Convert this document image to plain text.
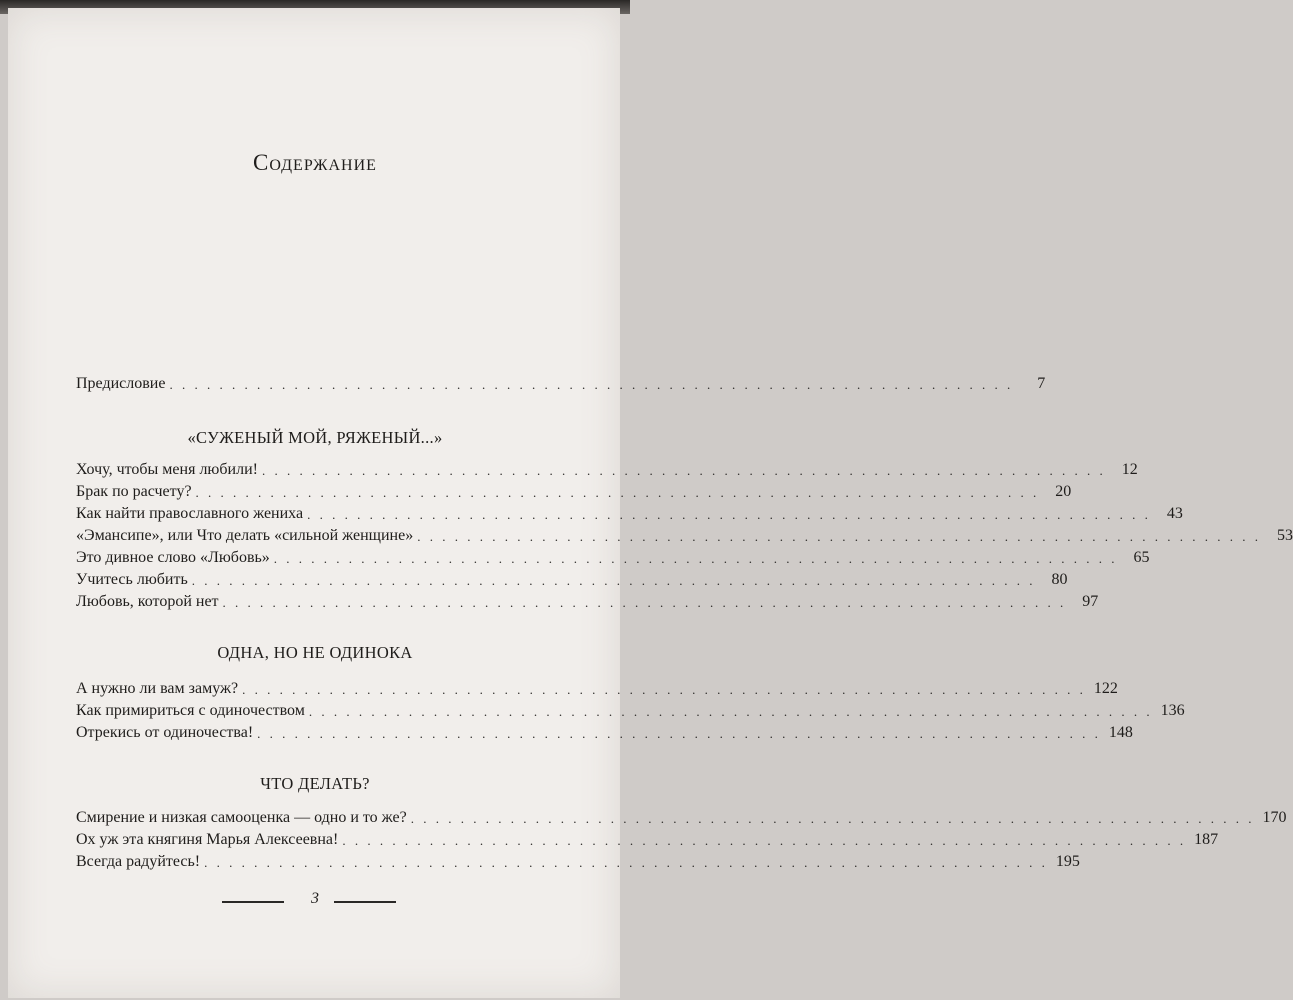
Содержание
Предисловие . . . . . . . . . . . . . . . . . . . . . . . . . . . . . . . . . . . . . . . . . . . . . . . . . . . . . . . . . . . . . . . . . . . .	7
«СУЖЕНЫЙ МОЙ, РЯЖЕНЫЙ...»
Хочу, чтобы меня любили! . . . . . . . . . . . . . . . . . . . . . . . . . . . . . . . . . . . . . . . . . . . . . . . . . . . . . . . . . . . . . . . . . . . .	12
Брак по расчету? . . . . . . . . . . . . . . . . . . . . . . . . . . . . . . . . . . . . . . . . . . . . . . . . . . . . . . . . . . . . . . . . . . . .	20
Как найти православного жениха . . . . . . . . . . . . . . . . . . . . . . . . . . . . . . . . . . . . . . . . . . . . . . . . . . . . . . . . . . . . . . . . . . . .	43
«Эмансипе», или Что делать «сильной женщине» . . . . . . . . . . . . . . . . . . . . . . . . . . . . . . . . . . . . . . . . . . . . . . . . . . . . . . . . . . . . . . . . . . . .	53
Это дивное слово «Любовь» . . . . . . . . . . . . . . . . . . . . . . . . . . . . . . . . . . . . . . . . . . . . . . . . . . . . . . . . . . . . . . . . . . . .	65
Учитесь любить . . . . . . . . . . . . . . . . . . . . . . . . . . . . . . . . . . . . . . . . . . . . . . . . . . . . . . . . . . . . . . . . . . . .	80
Любовь, которой нет . . . . . . . . . . . . . . . . . . . . . . . . . . . . . . . . . . . . . . . . . . . . . . . . . . . . . . . . . . . . . . . . . . . .	97
ОДНА, НО НЕ ОДИНОКА
А нужно ли вам замуж? . . . . . . . . . . . . . . . . . . . . . . . . . . . . . . . . . . . . . . . . . . . . . . . . . . . . . . . . . . . . . . . . . . . . 122
Как примириться с одиночеством . . . . . . . . . . . . . . . . . . . . . . . . . . . . . . . . . . . . . . . . . . . . . . . . . . . . . . . . . . . . . . . . . . . . 136
Отрекись от одиночества! . . . . . . . . . . . . . . . . . . . . . . . . . . . . . . . . . . . . . . . . . . . . . . . . . . . . . . . . . . . . . . . . . . . . 148
ЧТО ДЕЛАТЬ?
Смирение и низкая самооценка — одно и то же? . . . . . . . . . . . . . . . . . . . . . . . . . . . . . . . . . . . . . . . . . . . . . . . . . . . . . . . . . . . . . . . . . . . . 170
Ох уж эта княгиня Марья Алексеевна! . . . . . . . . . . . . . . . . . . . . . . . . . . . . . . . . . . . . . . . . . . . . . . . . . . . . . . . . . . . . . . . . . . . . 187
Всегда радуйтесь! . . . . . . . . . . . . . . . . . . . . . . . . . . . . . . . . . . . . . . . . . . . . . . . . . . . . . . . . . . . . . . . . . . . . 195
3
